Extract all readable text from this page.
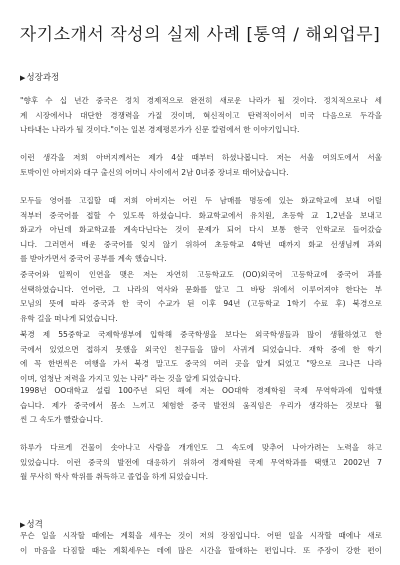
자기소개서 작성의 실제 사례 [통역 / 해외업무]
▶성장과정
"향후 수 십 년간 중국은 정치 경제적으로 완전히 새로운 나라가 될 것이다. 정치적으로나 세
계 시장에서나 대단한 경쟁력을 가질 것이며, 혁신적이고 탄력적이어서 미국 다음으로 두각을
나타내는 나라가 될 것이다."이는 일본 경제평론가가 신문 칼럼에서 한 이야기입니다.
이런 생각을 저희 아버지께서는 제가 4살 때부터 하셨나봅니다. 저는 서울 여의도에서 서울
토박이인 아버지와 대구 출신의 어머니 사이에서 2남 0녀중 장녀로 태어났습니다.
모두들 영어를 고집할 때 저희 아버지는 어린 두 남매를 명동에 있는 화교학교에 보내 어릴
적부터 중국어를 접할 수 있도록 하셨습니다. 화교학교에서 유치원, 초등학 교 1,2년을 보내고
화교가 아닌데 화교학교를 계속다닌다는 것이 문제가 되어 다시 보통 한국 인학교로 들어갔습
니다. 그러면서 배운 중국어를 잊지 않기 위하여 초등학교 4학년 때까지 화교 선생님께 과외
를 받아가면서 중국어 공부를 계속 했습니다.
중국어와 일찍이 인연을 맺은 저는 자연히 고등학교도 (OO)외국어 고등학교에 중국어 과를
선택하였습니다. 언어란, 그 나라의 역사와 문화를 알고 그 바탕 위에서 이루어져야 한다는 부
모님의 뜻에 따라 중국과 한 국이 수교가 된 이후 94년 (고등학교 1학기 수료 후) 북경으로
유학 길을 떠나게 되었습니다.
북경 제 55중학교 국제학생부에 입학해 중국학생을 보다는 외국학생들과 많이 생활하였고 한
국에서 있었으면 접하지 못했을 외국인 친구들을 많이 사귀게 되었습니다. 재학 중에 한 학기
에 꼭 한번씩은 여행을 가서 북경 말고도 중국의 여러 곳을 알게 되었고 "땅으로 크나큰 나라
이며, 엄청난 저력을 가지고 있는 나라" 라는 것을 알게 되었습니다.
1998년 OO대학교 설립 100주년 되던 해에 저는 OO대학 경제학원 국제 무역학과에 입학했
습니다. 제가 중국에서 몸소 느끼고 체험한 중국 발전의 움직임은 우리가 생각하는 것보다 훨
씬 그 속도가 빨랐습니다.
하루가 다르게 건물이 솟아나고 사람을 개개인도 그 속도에 맞추어 나아가려는 노력을 하고
있었습니다. 이런 중국의 발전에 대응하기 위하여 경제학원 국제 무역학과를 택했고 2002년 7
월 무사히 학사 학위를 취득하고 졸업을 하게 되었습니다.
▶성격
무슨 일을 시작할 때에는 계획을 세우는 것이 저의 장점입니다. 어떤 일을 시작할 때에나 새로
이 마음을 다짐할 때는 계획세우는 데에 많은 시간을 할애하는 편입니다. 또 주장이 강한 편이
